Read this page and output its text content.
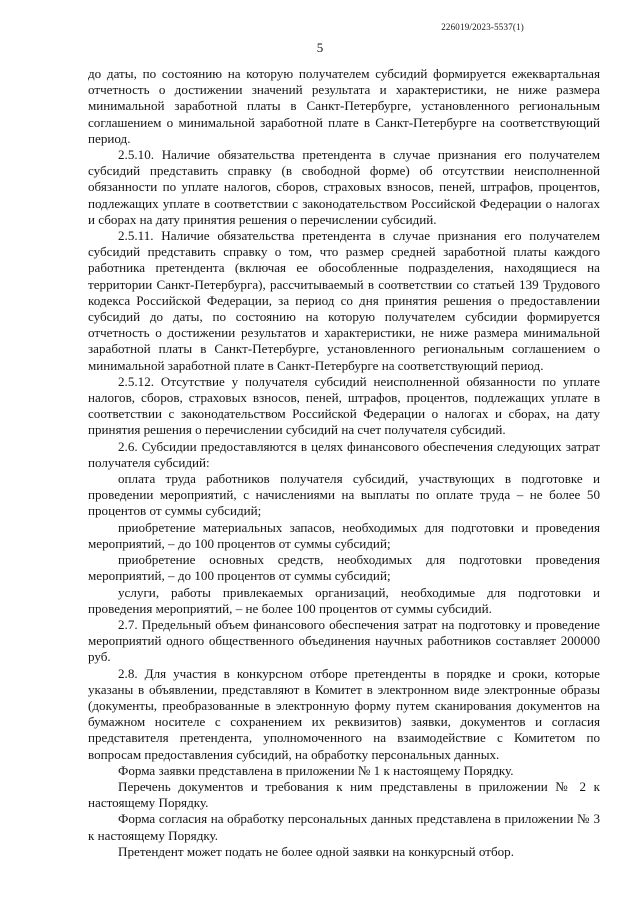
226019/2023-5537(1)
5

до даты, по состоянию на которую получателем субсидий формируется ежеквартальная отчетность о достижении значений результата и характеристики, не ниже размера минимальной заработной платы в Санкт-Петербурге, установленного региональным соглашением о минимальной заработной плате в Санкт-Петербурге на соответствующий период.

2.5.10. Наличие обязательства претендента в случае признания его получателем субсидий представить справку (в свободной форме) об отсутствии неисполненной обязанности по уплате налогов, сборов, страховых взносов, пеней, штрафов, процентов, подлежащих уплате в соответствии с законодательством Российской Федерации о налогах и сборах на дату принятия решения о перечислении субсидий.

2.5.11. Наличие обязательства претендента в случае признания его получателем субсидий представить справку о том, что размер средней заработной платы каждого работника претендента (включая ее обособленные подразделения, находящиеся на территории Санкт-Петербурга), рассчитываемый в соответствии со статьей 139 Трудового кодекса Российской Федерации, за период со дня принятия решения о предоставлении субсидий до даты, по состоянию на которую получателем субсидии формируется отчетность о достижении результатов и характеристики, не ниже размера минимальной заработной платы в Санкт-Петербурге, установленного региональным соглашением о минимальной заработной плате в Санкт-Петербурге на соответствующий период.

2.5.12. Отсутствие у получателя субсидий неисполненной обязанности по уплате налогов, сборов, страховых взносов, пеней, штрафов, процентов, подлежащих уплате в соответствии с законодательством Российской Федерации о налогах и сборах, на дату принятия решения о перечислении субсидий на счет получателя субсидий.

2.6. Субсидии предоставляются в целях финансового обеспечения следующих затрат получателя субсидий:

оплата труда работников получателя субсидий, участвующих в подготовке и проведении мероприятий, с начислениями на выплаты по оплате труда – не более 50 процентов от суммы субсидий;

приобретение материальных запасов, необходимых для подготовки и проведения мероприятий, – до 100 процентов от суммы субсидий;

приобретение основных средств, необходимых для подготовки проведения мероприятий, – до 100 процентов от суммы субсидий;

услуги, работы привлекаемых организаций, необходимые для подготовки и проведения мероприятий, – не более 100 процентов от суммы субсидий.

2.7. Предельный объем финансового обеспечения затрат на подготовку и проведение мероприятий одного общественного объединения научных работников составляет 200000 руб.

2.8. Для участия в конкурсном отборе претенденты в порядке и сроки, которые указаны в объявлении, представляют в Комитет в электронном виде электронные образы (документы, преобразованные в электронную форму путем сканирования документов на бумажном носителе с сохранением их реквизитов) заявки, документов и согласия представителя претендента, уполномоченного на взаимодействие с Комитетом по вопросам предоставления субсидий, на обработку персональных данных.

Форма заявки представлена в приложении № 1 к настоящему Порядку.

Перечень документов и требования к ним представлены в приложении № 2 к настоящему Порядку.

Форма согласия на обработку персональных данных представлена в приложении № 3 к настоящему Порядку.

Претендент может подать не более одной заявки на конкурсный отбор.
